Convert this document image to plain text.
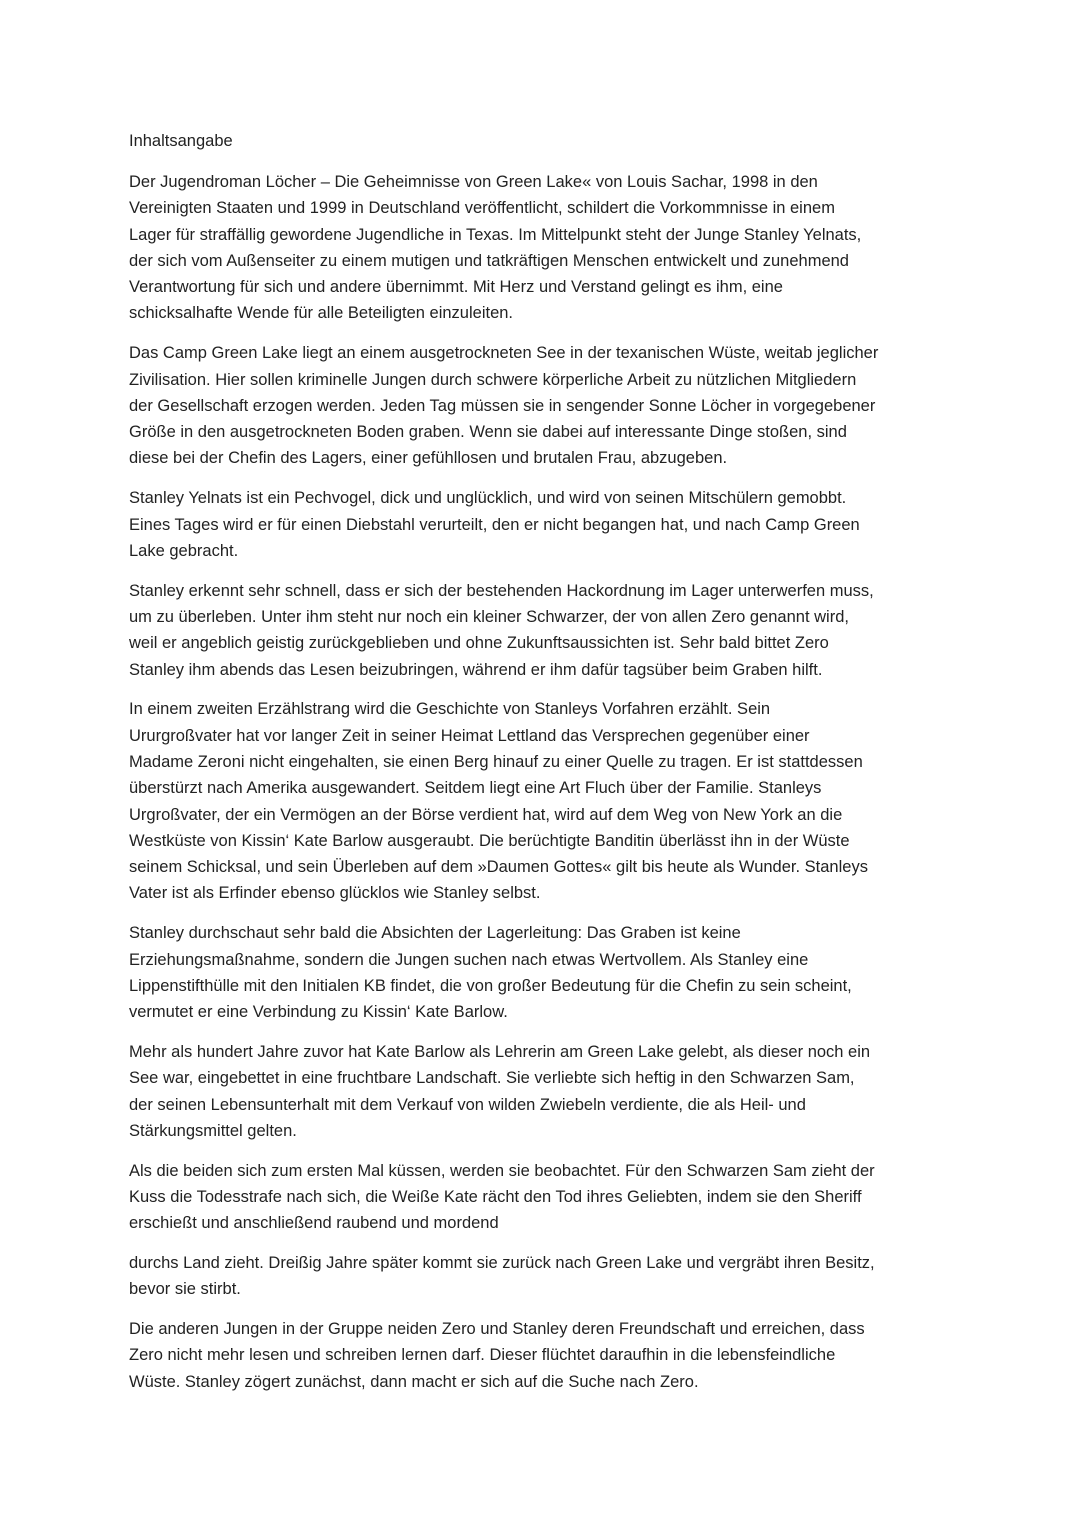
Inhaltsangabe

Der Jugendroman Löcher – Die Geheimnisse von Green Lake« von Louis Sachar, 1998 in den
Vereinigten Staaten und 1999 in Deutschland veröffentlicht, schildert die Vorkommnisse in einem
Lager für straffällig gewordene Jugendliche in Texas. Im Mittelpunkt steht der Junge Stanley Yelnats,
der sich vom Außenseiter zu einem mutigen und tatkräftigen Menschen entwickelt und zunehmend
Verantwortung für sich und andere übernimmt. Mit Herz und Verstand gelingt es ihm, eine
schicksalhafte Wende für alle Beteiligten einzuleiten.

Das Camp Green Lake liegt an einem ausgetrockneten See in der texanischen Wüste, weitab jeglicher
Zivilisation. Hier sollen kriminelle Jungen durch schwere körperliche Arbeit zu nützlichen Mitgliedern
der Gesellschaft erzogen werden. Jeden Tag müssen sie in sengender Sonne Löcher in vorgegebener
Größe in den ausgetrockneten Boden graben. Wenn sie dabei auf interessante Dinge stoßen, sind
diese bei der Chefin des Lagers, einer gefühllosen und brutalen Frau, abzugeben.

Stanley Yelnats ist ein Pechvogel, dick und unglücklich, und wird von seinen Mitschülern gemobbt.
Eines Tages wird er für einen Diebstahl verurteilt, den er nicht begangen hat, und nach Camp Green
Lake gebracht.

Stanley erkennt sehr schnell, dass er sich der bestehenden Hackordnung im Lager unterwerfen muss,
um zu überleben. Unter ihm steht nur noch ein kleiner Schwarzer, der von allen Zero genannt wird,
weil er angeblich geistig zurückgeblieben und ohne Zukunftsaussichten ist. Sehr bald bittet Zero
Stanley ihm abends das Lesen beizubringen, während er ihm dafür tagsüber beim Graben hilft.

In einem zweiten Erzählstrang wird die Geschichte von Stanleys Vorfahren erzählt. Sein
Ururgroßvater hat vor langer Zeit in seiner Heimat Lettland das Versprechen gegenüber einer
Madame Zeroni nicht eingehalten, sie einen Berg hinauf zu einer Quelle zu tragen. Er ist stattdessen
überstürzt nach Amerika ausgewandert. Seitdem liegt eine Art Fluch über der Familie. Stanleys
Urgroßvater, der ein Vermögen an der Börse verdient hat, wird auf dem Weg von New York an die
Westküste von Kissin‘ Kate Barlow ausgeraubt. Die berüchtigte Banditin überlässt ihn in der Wüste
seinem Schicksal, und sein Überleben auf dem »Daumen Gottes« gilt bis heute als Wunder. Stanleys
Vater ist als Erfinder ebenso glücklos wie Stanley selbst.

Stanley durchschaut sehr bald die Absichten der Lagerleitung: Das Graben ist keine
Erziehungsmaßnahme, sondern die Jungen suchen nach etwas Wertvollem. Als Stanley eine
Lippenstifthülle mit den Initialen KB findet, die von großer Bedeutung für die Chefin zu sein scheint,
vermutet er eine Verbindung zu Kissin‘ Kate Barlow.

Mehr als hundert Jahre zuvor hat Kate Barlow als Lehrerin am Green Lake gelebt, als dieser noch ein
See war, eingebettet in eine fruchtbare Landschaft. Sie verliebte sich heftig in den Schwarzen Sam,
der seinen Lebensunterhalt mit dem Verkauf von wilden Zwiebeln verdiente, die als Heil- und
Stärkungsmittel gelten.

Als die beiden sich zum ersten Mal küssen, werden sie beobachtet. Für den Schwarzen Sam zieht der
Kuss die Todesstrafe nach sich, die Weiße Kate rächt den Tod ihres Geliebten, indem sie den Sheriff
erschießt und anschließend raubend und mordend

durchs Land zieht. Dreißig Jahre später kommt sie zurück nach Green Lake und vergräbt ihren Besitz,
bevor sie stirbt.

Die anderen Jungen in der Gruppe neiden Zero und Stanley deren Freundschaft und erreichen, dass
Zero nicht mehr lesen und schreiben lernen darf. Dieser flüchtet daraufhin in die lebensfeindliche
Wüste. Stanley zögert zunächst, dann macht er sich auf die Suche nach Zero.
